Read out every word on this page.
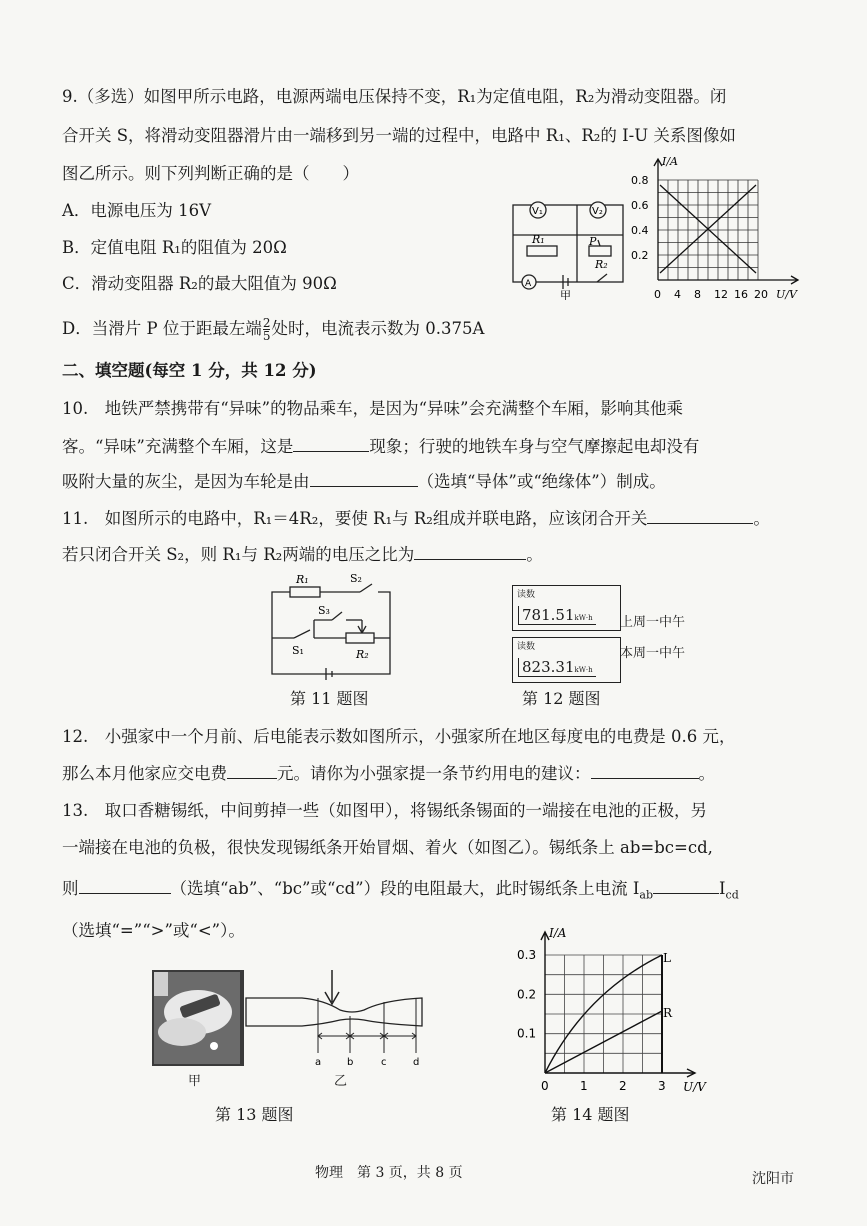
9.（多选）如图甲所示电路，电源两端电压保持不变，R₁为定值电阻，R₂为滑动变阻器。闭
合开关 S，将滑动变阻器滑片由一端移到另一端的过程中，电路中 R₁、R₂的 I-U 关系图像如
图乙所示。则下列判断正确的是（　　）
A．电源电压为 16V
B．定值电阻 R₁的阻值为 20Ω
C．滑动变阻器 R₂的最大阻值为 90Ω
D．当滑片 P 位于距最左端 $\frac{2}{5}$ 处时，电流表示数为 0.375A
V₁	V₂
R₁	P
R₂
A
甲
I/A
U/V
0.8
0.6
0.4
0.2
0 4 8 12 16 20
二、填空题(每空 1 分，共 12 分)
10.　地铁严禁携带有“异味”的物品乘车，是因为“异味”会充满整个车厢，影响其他乘
客。“异味”充满整个车厢，这是	现象；行驶的地铁车身与空气摩擦起电却没有
吸附大量的灰尘，是因为车轮是由	（选填“导体”或“绝缘体”）制成。
11.　如图所示的电路中，R₁＝4R₂，要使 R₁与 R₂组成并联电路，应该闭合开关	。
若只闭合开关 S₂，则 R₁与 R₂两端的电压之比为	。
R₁	S₂
S₃
S₁	R₂
第 11 题图
读数
781.51kW·h 上周一中午
读数
823.31kW·h
本周一中午
第 12 题图
12.　小强家中一个月前、后电能表示数如图所示，小强家所在地区每度电的电费是 0.6 元，
那么本月他家应交电费	元。请你为小强家提一条节约用电的建议：	。
13.　取口香糖锡纸，中间剪掉一些（如图甲），将锡纸条锡面的一端接在电池的正极，另
一端接在电池的负极，很快发现锡纸条开始冒烟、着火（如图乙）。锡纸条上 ab=bc=cd,
则	（选填“ab”、“bc”或“cd”）段的电阻最大，此时锡纸条上电流 $I_{ab}$	$I_{cd}$
（选填“=”“>”或“<”）。
甲
a	b	c	d
乙
第 13 题图
I/A
U/V
L
R
0.3
0.2
0.1
0	1	2	3
第 14 题图
物理　第 3 页，共 8 页	沈阳市
